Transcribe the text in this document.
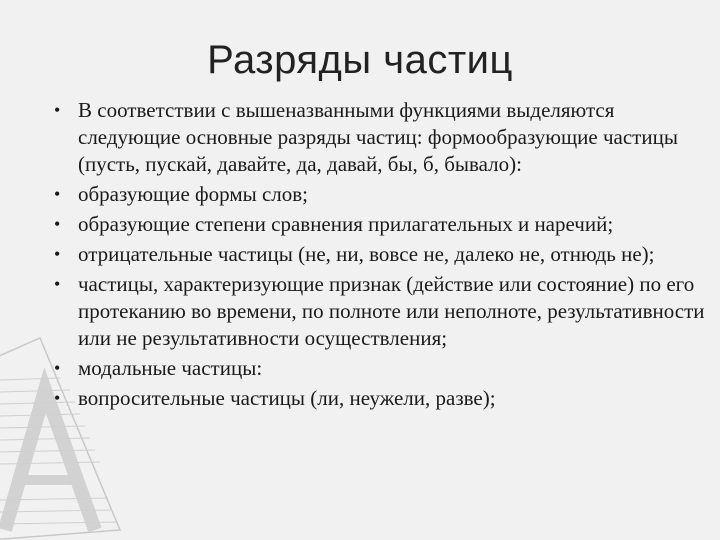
Разряды частиц
• В соответствии с вышеназванными функциями выделяются следующие основные разряды частиц: формообразующие частицы (пусть, пускай, давайте, да, давай, бы, б, бывало):
• образующие формы слов;
• образующие степени сравнения прилагательных и наречий;
• отрицательные частицы (не, ни, вовсе не, далеко не, отнюдь не);
• частицы, характеризующие признак (действие или состояние) по его протеканию во времени, по полноте или неполноте, результативности или не результативности осуществления;
• модальные частицы:
• вопросительные частицы (ли, неужели, разве);
